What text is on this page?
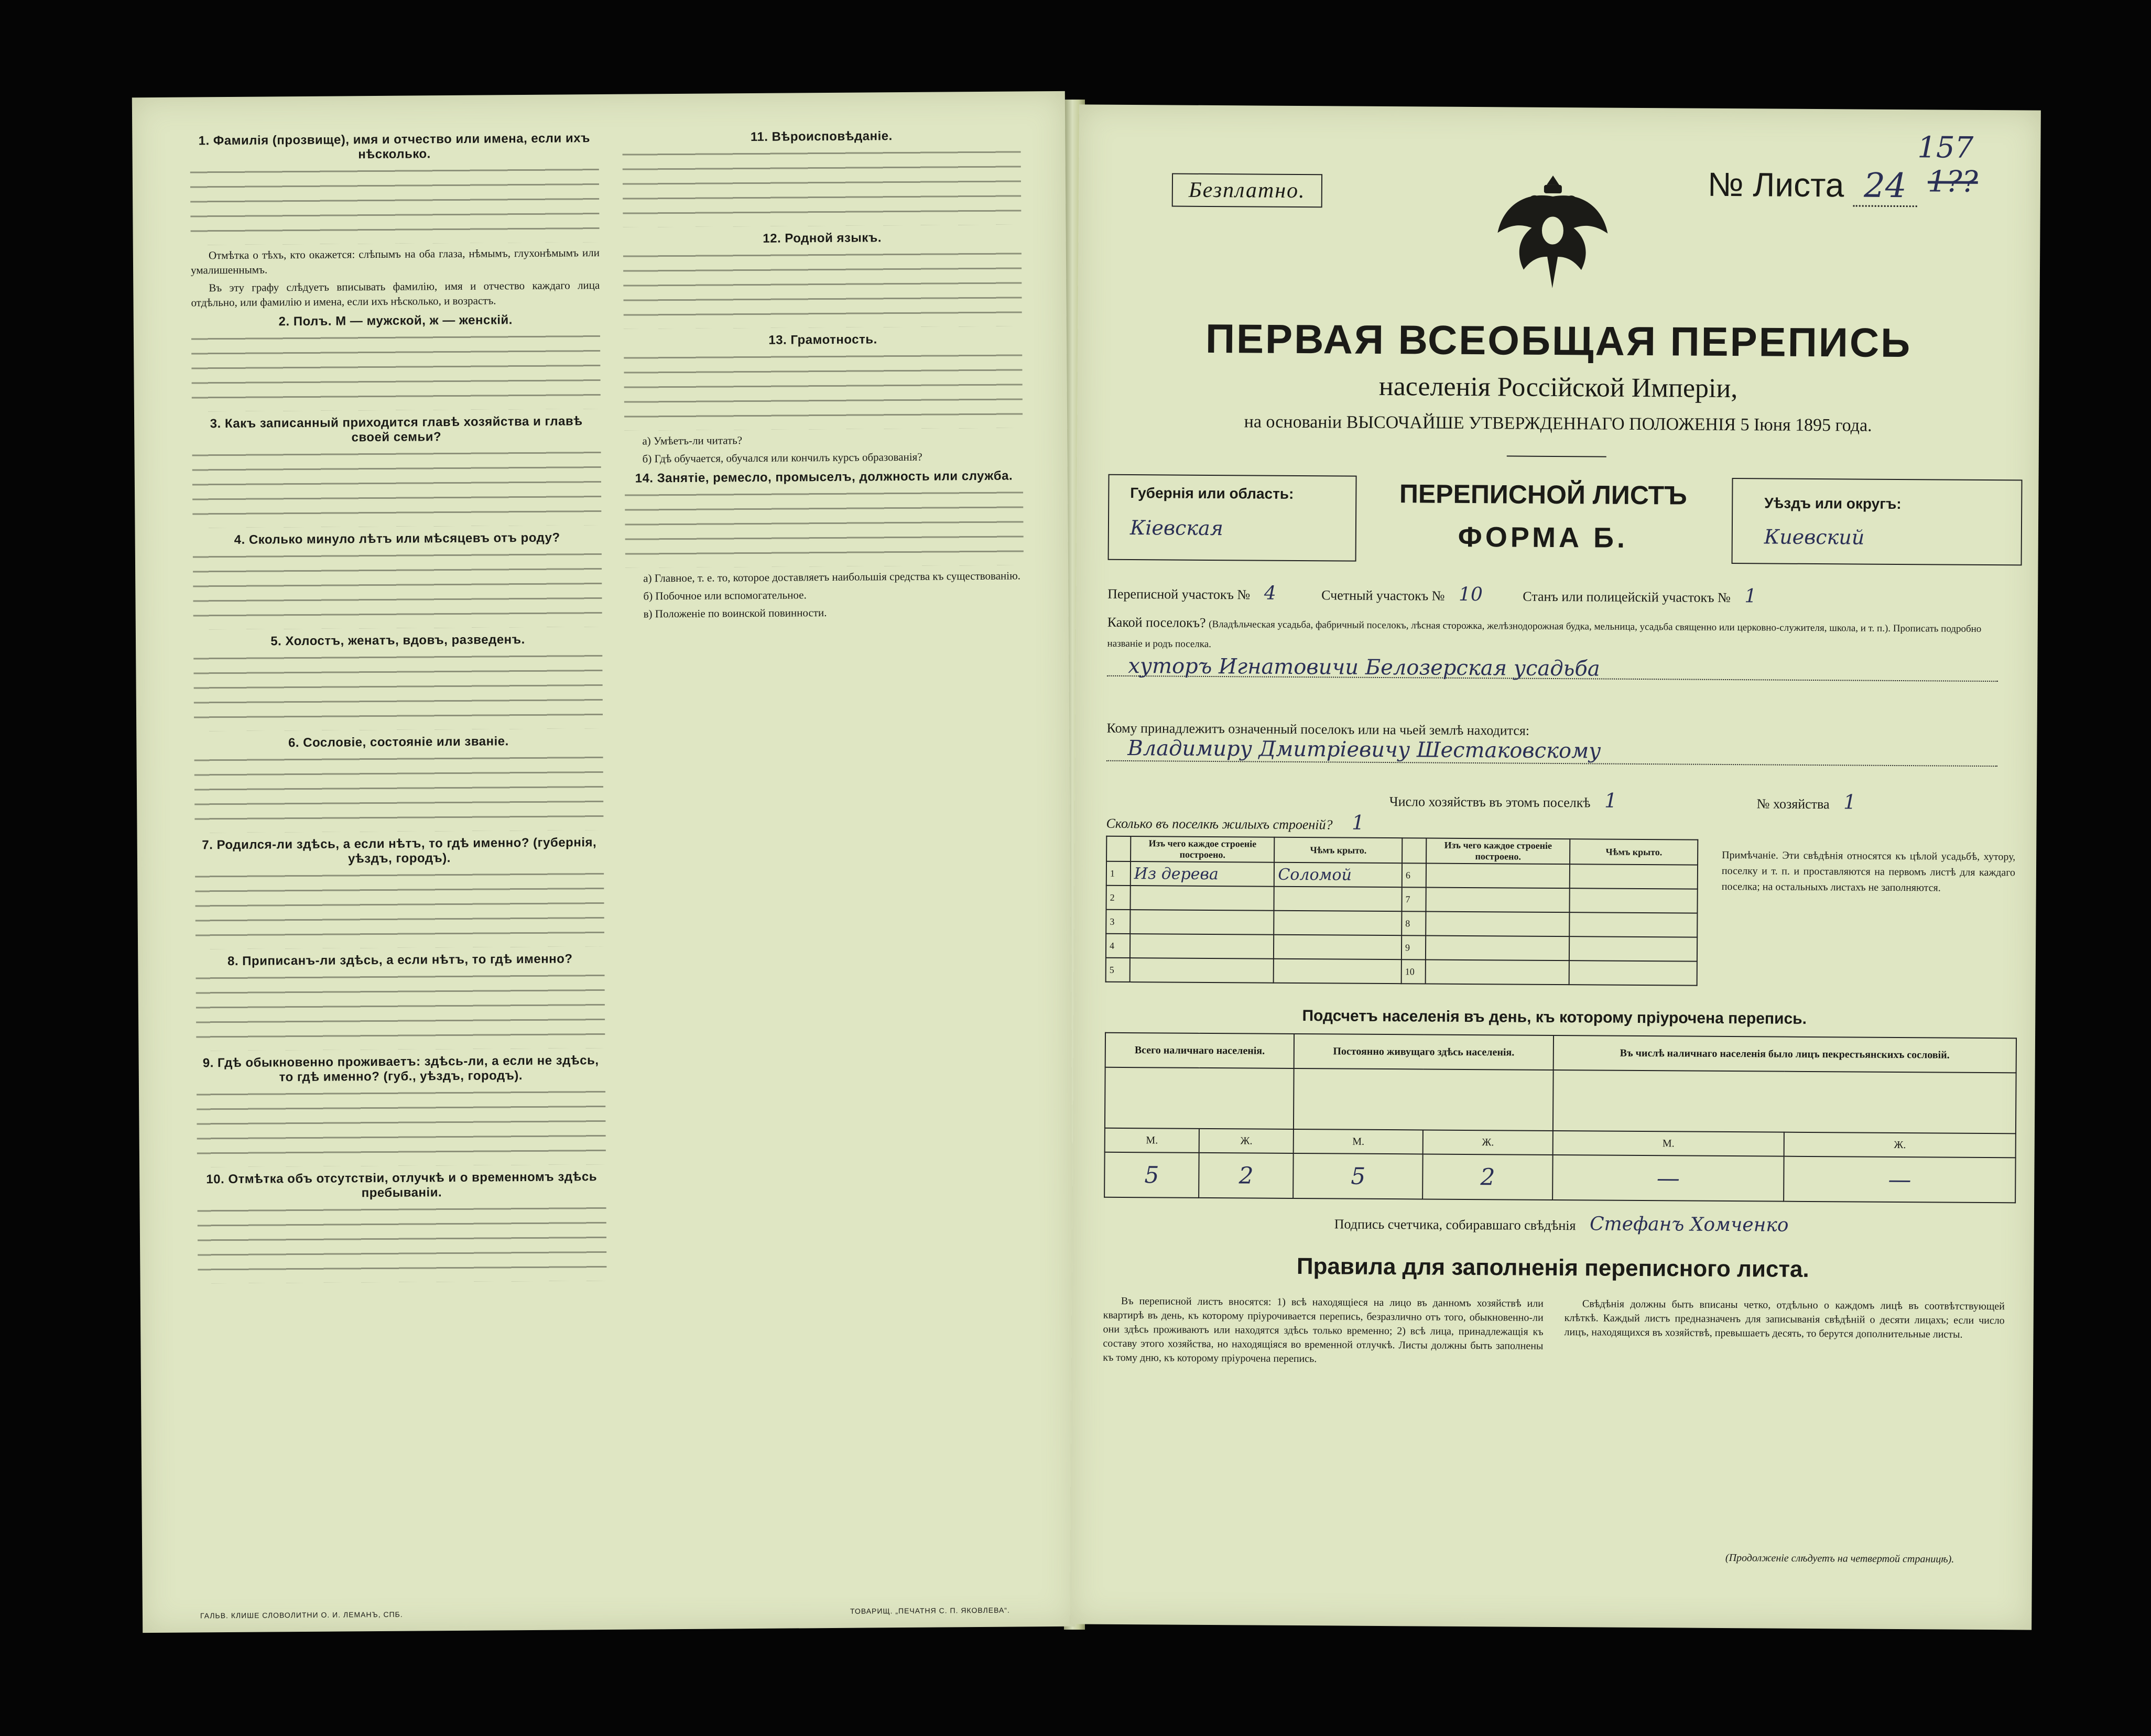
1. Фамилія (прозвище), имя и отчество или имена, если ихъ нѣсколько.

Отмѣтка о тѣхъ, кто окажется: слѣпымъ на оба глаза, нѣмымъ, глухонѣмымъ или умалишеннымъ.

Въ эту графу слѣдуетъ вписывать фамилію, имя и отчество каждаго лица отдѣльно, или фамилію и имена, если ихъ нѣсколько, и возрастъ.

2. Полъ. М — мужской, ж — женскій.

3. Какъ записанный приходится главѣ хозяйства и главѣ своей семьи?

4. Сколько минуло лѣтъ или мѣсяцевъ отъ роду?

5. Холостъ, женатъ, вдовъ, разведенъ.

6. Сословіе, состояніе или званіе.

7. Родился-ли здѣсь, а если нѣтъ, то гдѣ именно? (губернія, уѣздъ, городъ).

8. Приписанъ-ли здѣсь, а если нѣтъ, то гдѣ именно?

9. Гдѣ обыкновенно проживаетъ: здѣсь-ли, а если не здѣсь, то гдѣ именно? (губ., уѣздъ, городъ).

10. Отмѣтка объ отсутствіи, отлучкѣ и о временномъ здѣсь пребываніи.

11. Вѣроисповѣданіе.

12. Родной языкъ.

13. Грамотность.

а) Умѣетъ-ли читать?

б) Гдѣ обучается, обучался или кончилъ курсъ образованія?

14. Занятіе, ремесло, промыселъ, должность или служба.

а) Главное, т. е. то, которое доставляетъ наибольшія средства къ существованію.

б) Побочное или вспомогательное.

в) Положеніе по воинской повинности.

ГАЛЬВ. КЛИШЕ СЛОВОЛИТНИ О. И. ЛЕМАНЪ, СПБ.	ТОВАРИЩ. „ПЕЧАТНЯ С. П. ЯКОВЛЕВА“.
157 1??
Безплатно.	№ Листа 24
ПЕРВАЯ ВСЕОБЩАЯ ПЕРЕПИСЬ
населенія Россійской Имперіи,
на основаніи ВЫСОЧАЙШЕ УТВЕРЖДЕННАГО ПОЛОЖЕНІЯ 5 Іюня 1895 года.
Губернія или область:
Кіевская
ПЕРЕПИСНОЙ ЛИСТЪ
ФОРМА Б.
Уѣздъ или округъ:
Киевский
Переписной участокъ № 4	Счетный участокъ № 10	Станъ или полицейскій участокъ № 1
Какой поселокъ? (Владѣльческая усадьба, фабричный поселокъ, лѣсная сторожка, желѣзнодорожная будка, мельница, усадьба священно или церковно-служителя, школа, и т. п.). Прописать подробно названіе и родъ поселка.
хуторъ Игнатовичи Белозерская усадьба
Кому принадлежитъ означенный поселокъ или на чьей землѣ находится:
Владимиру Дмитріевичу Шестаковскому
Число хозяйствъ въ этомъ поселкѣ 1	№ хозяйства 1
Сколько въ поселкѣ жилыхъ строеній? 1
	Изъ чего каждое строеніе построено.	Чѣмъ крыто.		Изъ чего каждое строеніе построено.	Чѣмъ крыто.
1	Из дерева	Соломой	6		
2			7		
3			8		
4			9		
5			10		
Примѣчаніе. Эти свѣдѣнія относятся къ цѣлой усадьбѣ, хутору, поселку и т. п. и проставляются на первомъ листѣ для каждаго поселка; на остальныхъ листахъ не заполняются.
Подсчетъ населенія въ день, къ которому пріурочена перепись.
Всего наличнаго населенія.		Постоянно живущаго здѣсь населенія.		Въ числѣ наличнаго населенія было лицъ пекрестьянскихъ сословій.	

М.	Ж.	М.	Ж.	М.	Ж.
5	2	5	2	—	—
Подпись счетчика, собиравшаго свѣдѣнія Стефанъ Хомченко
Правила для заполненія переписного листа.

Въ переписной листъ вносятся: 1) всѣ находящіеся на лицо въ данномъ хозяйствѣ или квартирѣ въ день, къ которому пріурочивается перепись, безразлично отъ того, обыкновенно-ли они здѣсь проживаютъ или находятся здѣсь только временно; 2) всѣ лица, принадлежащія къ составу этого хозяйства, но находящіяся во временной отлучкѣ. Листы должны быть заполнены къ тому дню, къ которому пріурочена перепись.

Свѣдѣнія должны быть вписаны четко, отдѣльно о каждомъ лицѣ въ соотвѣтствующей клѣткѣ. Каждый листъ предназначенъ для записыванія свѣдѣній о десяти лицахъ; если число лицъ, находящихся въ хозяйствѣ, превышаетъ десять, то берутся дополнительные листы.

(Продолженіе слѣдуетъ на четвертой страницѣ).
